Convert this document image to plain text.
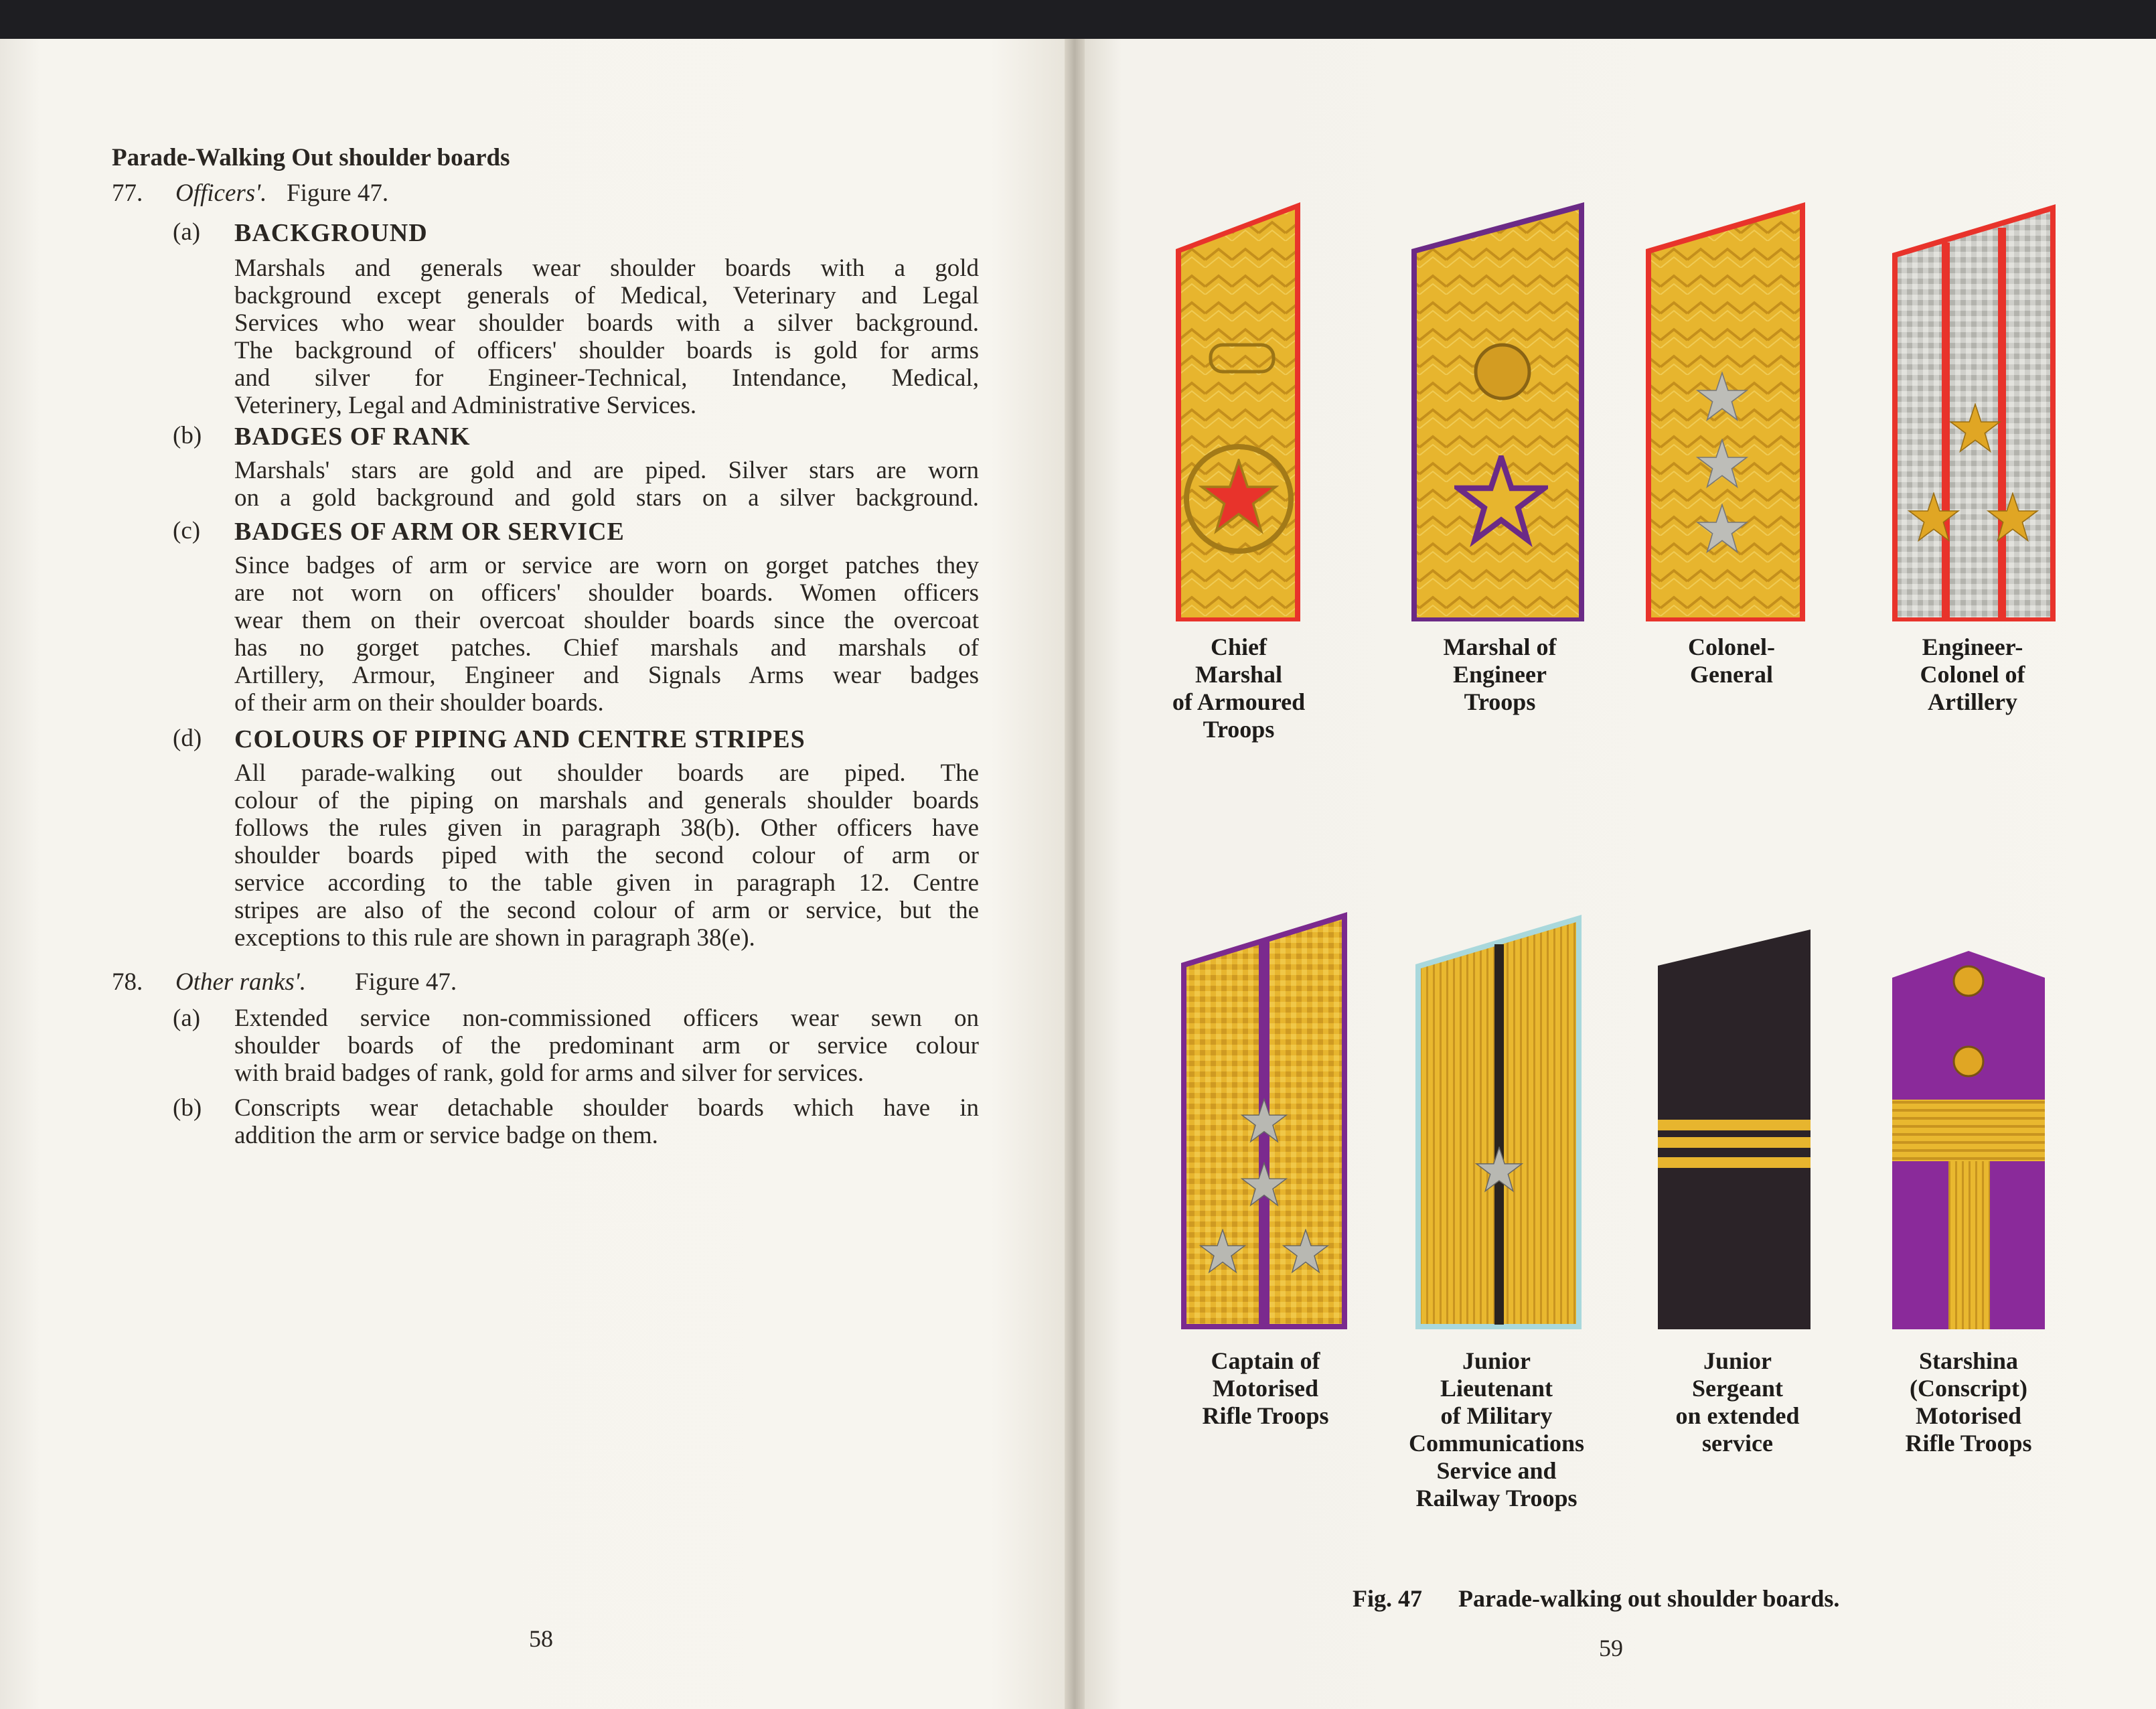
Parade-Walking Out shoulder boards
77. Officers'. Figure 47.
(a) BACKGROUND
Marshals and generals wear shoulder boards with a gold
background except generals of Medical, Veterinary and Legal
Services who wear shoulder boards with a silver background.
The background of officers' shoulder boards is gold for arms
and silver for Engineer-Technical, Intendance, Medical,
Veterinery, Legal and Administrative Services.
(b) BADGES OF RANK
Marshals' stars are gold and are piped. Silver stars are worn
on a gold background and gold stars on a silver background.
(c) BADGES OF ARM OR SERVICE
Since badges of arm or service are worn on gorget patches they
are not worn on officers' shoulder boards. Women officers
wear them on their overcoat shoulder boards since the overcoat
has no gorget patches. Chief marshals and marshals of
Artillery, Armour, Engineer and Signals Arms wear badges
of their arm on their shoulder boards.
(d) COLOURS OF PIPING AND CENTRE STRIPES
All parade-walking out shoulder boards are piped. The
colour of the piping on marshals and generals shoulder boards
follows the rules given in paragraph 38(b). Other officers have
shoulder boards piped with the second colour of arm or
service according to the table given in paragraph 12. Centre
stripes are also of the second colour of arm or service, but the
exceptions to this rule are shown in paragraph 38(e).
78. Other ranks'. Figure 47.
(a) Extended service non-commissioned officers wear sewn on
shoulder boards of the predominant arm or service colour
with braid badges of rank, gold for arms and silver for services.
(b) Conscripts wear detachable shoulder boards which have in
addition the arm or service badge on them.
58
Chief Marshal
of Armoured
Troops
Marshal of
Engineer
Troops
Colonel-
General
Engineer-
Colonel of
Artillery
Captain of
Motorised
Rifle Troops
Junior
Lieutenant
of Military
Communications
Service and
Railway Troops
Junior
Sergeant
on extended
service
Starshina
(Conscript)
Motorised
Rifle Troops
Fig. 47 Parade-walking out shoulder boards.
59
